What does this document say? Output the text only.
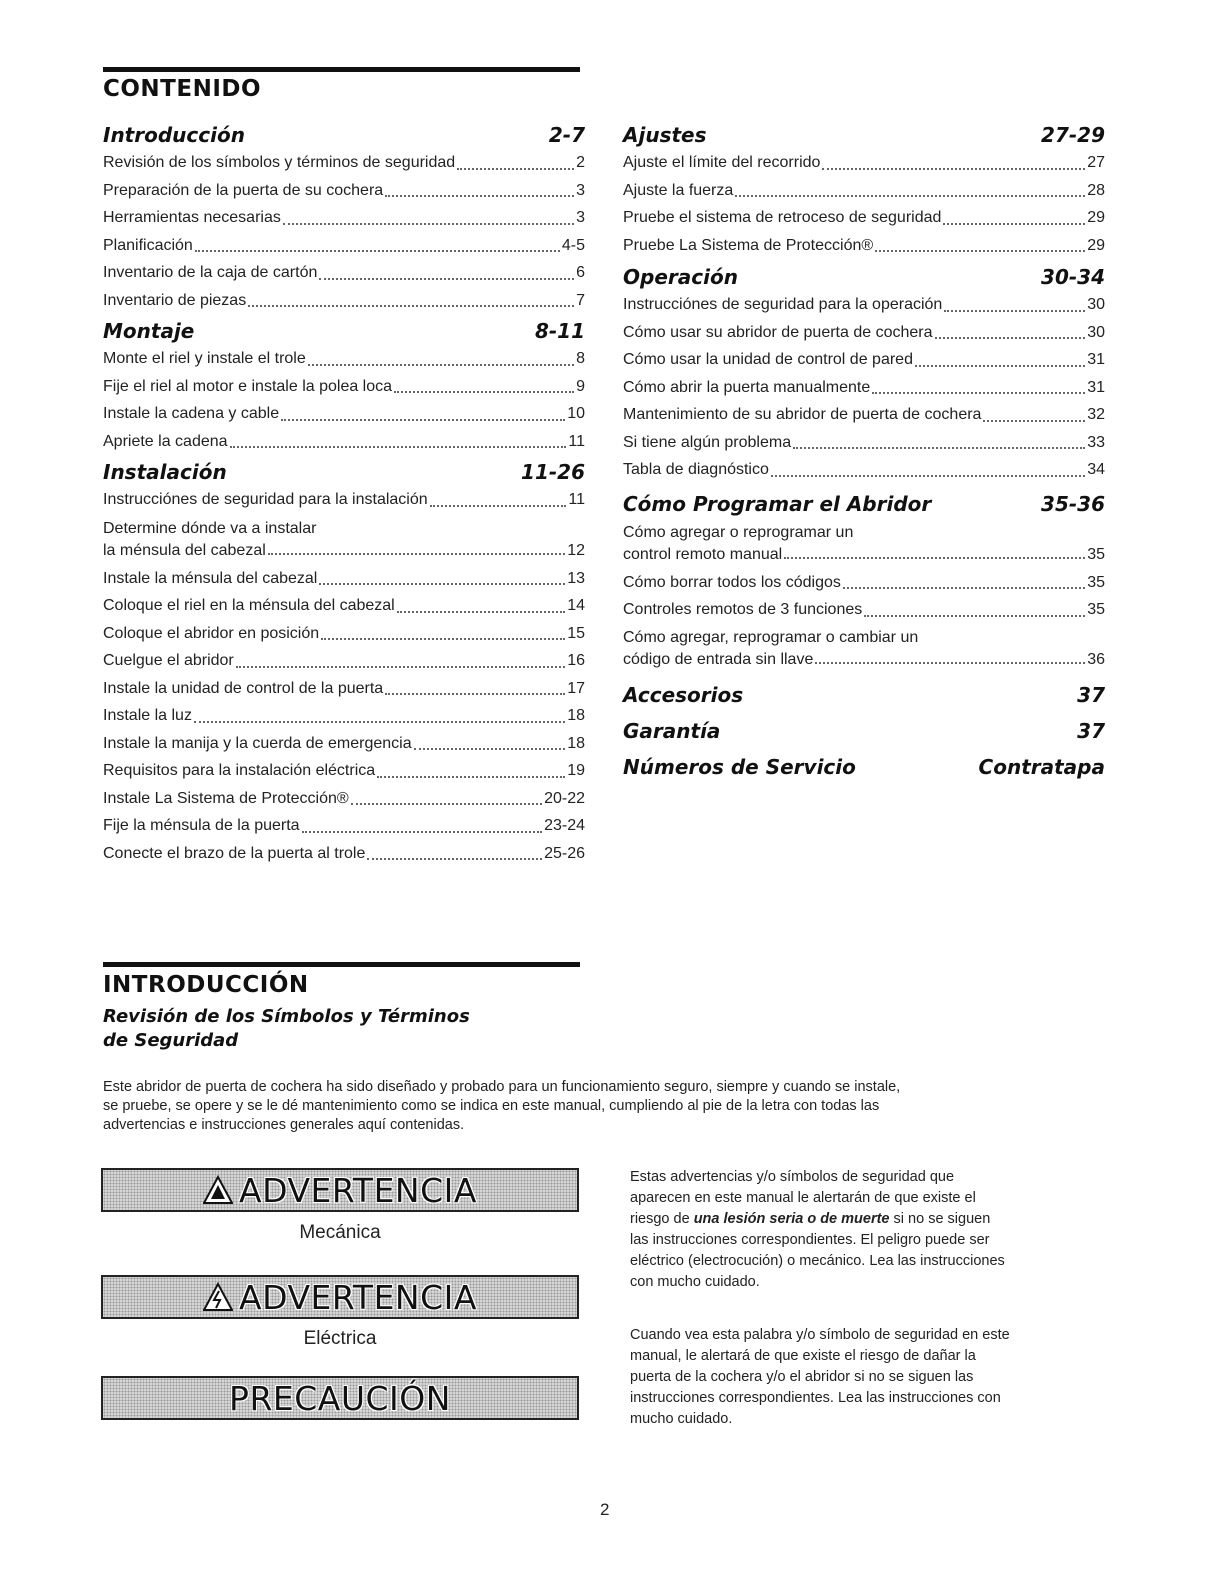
CONTENIDO
Introducción	2-7
Revisión de los símbolos y términos de seguridad	2
Preparación de la puerta de su cochera	3
Herramientas necesarias	3
Planificación	4-5
Inventario de la caja de cartón	6
Inventario de piezas	7
Montaje	8-11
Monte el riel y instale el trole	8
Fije el riel al motor e instale la polea loca	9
Instale la cadena y cable	10
Apriete la cadena	11
Instalación	11-26
Instrucciónes de seguridad para la instalación	11
Determine dónde va a instalar
la ménsula del cabezal	12
Instale la ménsula del cabezal	13
Coloque el riel en la ménsula del cabezal	14
Coloque el abridor en posición	15
Cuelgue el abridor	16
Instale la unidad de control de la puerta	17
Instale la luz	18
Instale la manija y la cuerda de emergencia	18
Requisitos para la instalación eléctrica	19
Instale La Sistema de Protección®	20-22
Fije la ménsula de la puerta	23-24
Conecte el brazo de la puerta al trole	25-26
Ajustes	27-29
Ajuste el límite del recorrido	27
Ajuste la fuerza	28
Pruebe el sistema de retroceso de seguridad	29
Pruebe La Sistema de Protección®	29
Operación	30-34
Instrucciónes de seguridad para la operación	30
Cómo usar su abridor de puerta de cochera	30
Cómo usar la unidad de control de pared	31
Cómo abrir la puerta manualmente	31
Mantenimiento de su abridor de puerta de cochera	32
Si tiene algún problema	33
Tabla de diagnóstico	34
Cómo Programar el Abridor	35-36
Cómo agregar o reprogramar un
control remoto manual	35
Cómo borrar todos los códigos	35
Controles remotos de 3 funciones	35
Cómo agregar, reprogramar o cambiar un
código de entrada sin llave	36
Accesorios	37
Garantía	37
Números de Servicio	Contratapa
INTRODUCCIÓN
Revisión de los Símbolos y Términos
de Seguridad
Este abridor de puerta de cochera ha sido diseñado y probado para un funcionamiento seguro, siempre y cuando se instale,
se pruebe, se opere y se le dé mantenimiento como se indica en este manual, cumpliendo al pie de la letra con todas las
advertencias e instrucciones generales aquí contenidas.
ADVERTENCIA
Mecánica
ADVERTENCIA
Eléctrica
PRECAUCIÓN
Estas advertencias y/o símbolos de seguridad que
aparecen en este manual le alertarán de que existe el
riesgo de una lesión seria o de muerte si no se siguen
las instrucciones correspondientes. El peligro puede ser
eléctrico (electrocución) o mecánico. Lea las instrucciones
con mucho cuidado.
Cuando vea esta palabra y/o símbolo de seguridad en este
manual, le alertará de que existe el riesgo de dañar la
puerta de la cochera y/o el abridor si no se siguen las
instrucciones correspondientes. Lea las instrucciones con
mucho cuidado.
2
